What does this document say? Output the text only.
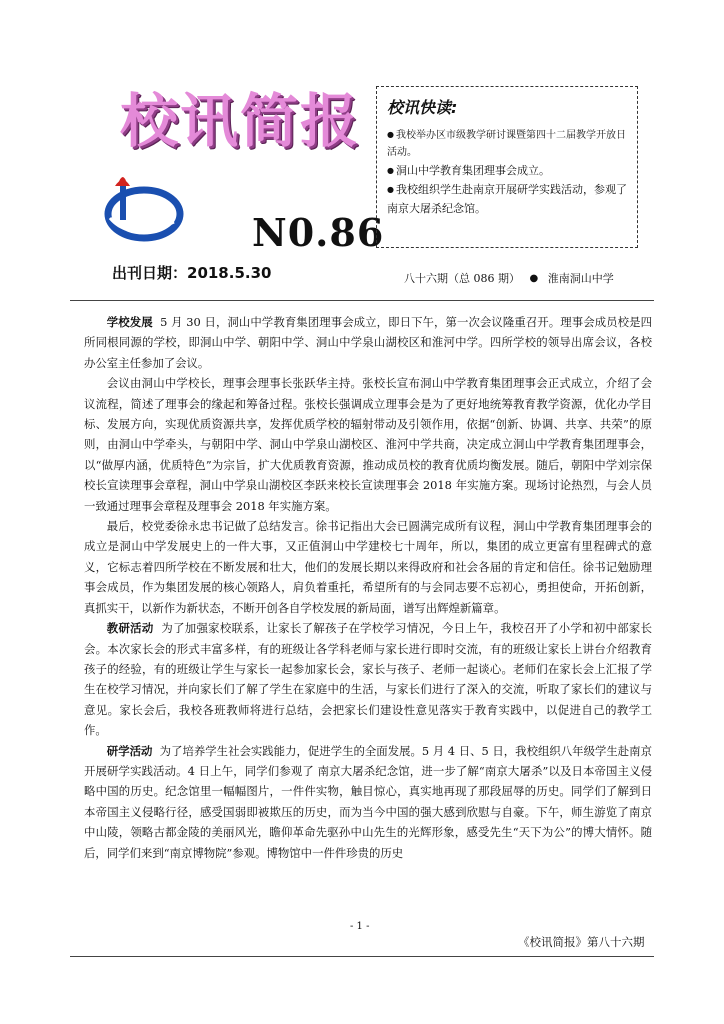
校讯简报
N0.86
出刊日期：2018.5.30
校讯快读:

● 我校举办区市级教学研讨课暨第四十二届教学开放日活动。

● 洞山中学教育集团理事会成立。

● 我校组织学生赴南京开展研学实践活动，参观了 南京大屠杀纪念馆。

八十六期（总 086 期） ● 淮南洞山中学

学校发展 5 月 30 日，洞山中学教育集团理事会成立，即日下午，第一次会议隆重召开。理事会成员校是四所同根同源的学校，即洞山中学、朝阳中学、洞山中学泉山湖校区和淮河中学。四所学校的领导出席会议，各校办公室主任参加了会议。

会议由洞山中学校长，理事会理事长张跃华主持。张校长宣布洞山中学教育集团理事会正式成立，介绍了会议流程，简述了理事会的缘起和筹备过程。张校长强调成立理事会是为了更好地统筹教育教学资源，优化办学目标、发展方向，实现优质资源共享，发挥优质学校的辐射带动及引领作用，依据“创新、协调、共享、共荣”的原则，由洞山中学牵头，与朝阳中学、洞山中学泉山湖校区、淮河中学共商，决定成立洞山中学教育集团理事会，以“做厚内涵，优质特色”为宗旨，扩大优质教育资源，推动成员校的教育优质均衡发展。随后，朝阳中学刘宗保校长宣读理事会章程，洞山中学泉山湖校区李跃来校长宣读理事会 2018 年实施方案。现场讨论热烈，与会人员一致通过理事会章程及理事会 2018 年实施方案。

最后，校党委徐永忠书记做了总结发言。徐书记指出大会已圆满完成所有议程，洞山中学教育集团理事会的成立是洞山中学发展史上的一件大事，又正值洞山中学建校七十周年，所以，集团的成立更富有里程碑式的意义，它标志着四所学校在不断发展和壮大，他们的发展长期以来得政府和社会各届的肯定和信任。徐书记勉励理事会成员，作为集团发展的核心领路人，肩负着重托，希望所有的与会同志要不忘初心，勇担使命，开拓创新，真抓实干，以新作为新状态，不断开创各自学校发展的新局面，谱写出辉煌新篇章。

教研活动 为了加强家校联系，让家长了解孩子在学校学习情况，今日上午，我校召开了小学和初中部家长会。本次家长会的形式丰富多样，有的班级让各学科老师与家长进行即时交流，有的班级让家长上讲台介绍教育孩子的经验，有的班级让学生与家长一起参加家长会，家长与孩子、老师一起谈心。老师们在家长会上汇报了学生在校学习情况，并向家长们了解了学生在家庭中的生活，与家长们进行了深入的交流，听取了家长们的建议与意见。家长会后，我校各班教师将进行总结，会把家长们建设性意见落实于教育实践中，以促进自己的教学工作。

研学活动 为了培养学生社会实践能力，促进学生的全面发展。5 月 4 日、5 日，我校组织八年级学生赴南京开展研学实践活动。4 日上午，同学们参观了 南京大屠杀纪念馆，进一步了解“南京大屠杀”以及日本帝国主义侵略中国的历史。纪念馆里一幅幅图片，一件件实物，触目惊心，真实地再现了那段屈辱的历史。同学们了解到日本帝国主义侵略行径，感受国弱即被欺压的历史，而为当今中国的强大感到欣慰与自豪。下午，师生游览了南京中山陵，领略古都金陵的美丽风光，瞻仰革命先驱孙中山先生的光辉形象，感受先生“天下为公”的博大情怀。随后，同学们来到“南京博物院”参观。博物馆中一件件珍贵的历史

- 1 -
《校讯简报》第八十六期
